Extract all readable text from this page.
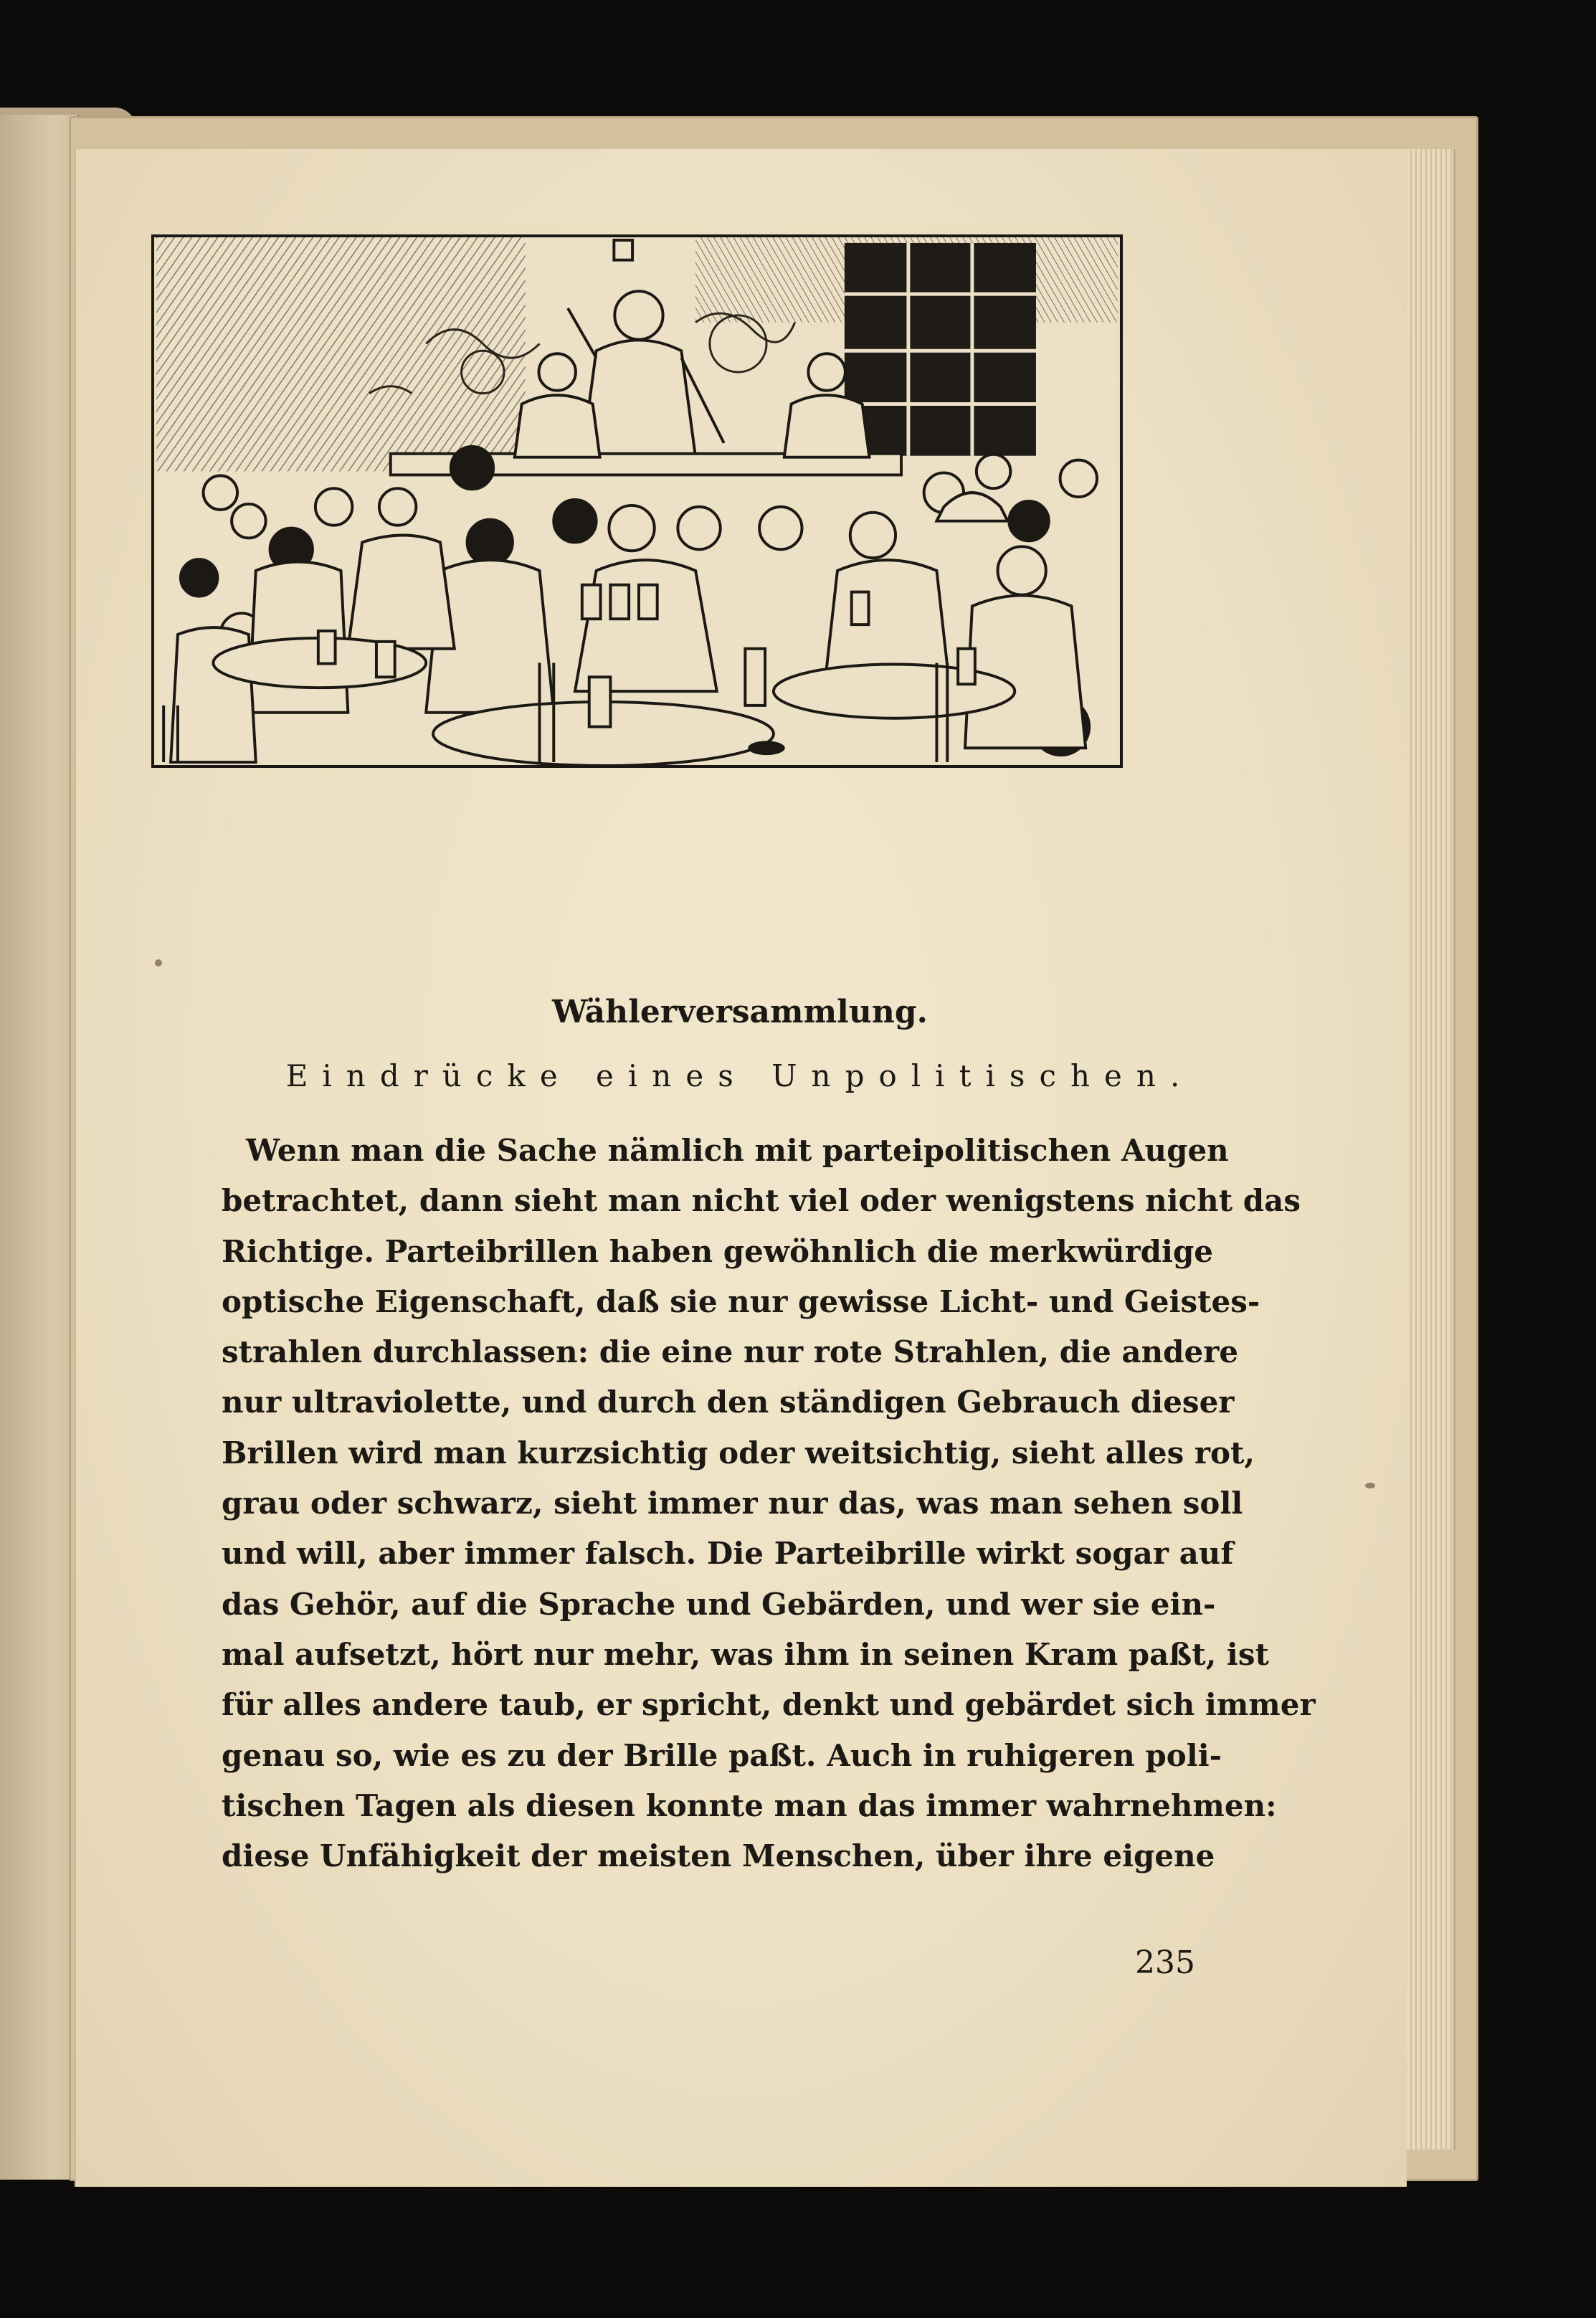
Wählerversammlung.
Eindrücke eines Unpolitischen.
Wenn man die Sache nämlich mit parteipolitischen Augen
betrachtet, dann sieht man nicht viel oder wenigstens nicht das
Richtige. Parteibrillen haben gewöhnlich die merkwürdige
optische Eigenschaft, daß sie nur gewisse Licht- und Geistes-
strahlen durchlassen: die eine nur rote Strahlen, die andere
nur ultraviolette, und durch den ständigen Gebrauch dieser
Brillen wird man kurzsichtig oder weitsichtig, sieht alles rot,
grau oder schwarz, sieht immer nur das, was man sehen soll
und will, aber immer falsch. Die Parteibrille wirkt sogar auf
das Gehör, auf die Sprache und Gebärden, und wer sie ein-
mal aufsetzt, hört nur mehr, was ihm in seinen Kram paßt, ist
für alles andere taub, er spricht, denkt und gebärdet sich immer
genau so, wie es zu der Brille paßt. Auch in ruhigeren poli-
tischen Tagen als diesen konnte man das immer wahrnehmen:
diese Unfähigkeit der meisten Menschen, über ihre eigene
235
